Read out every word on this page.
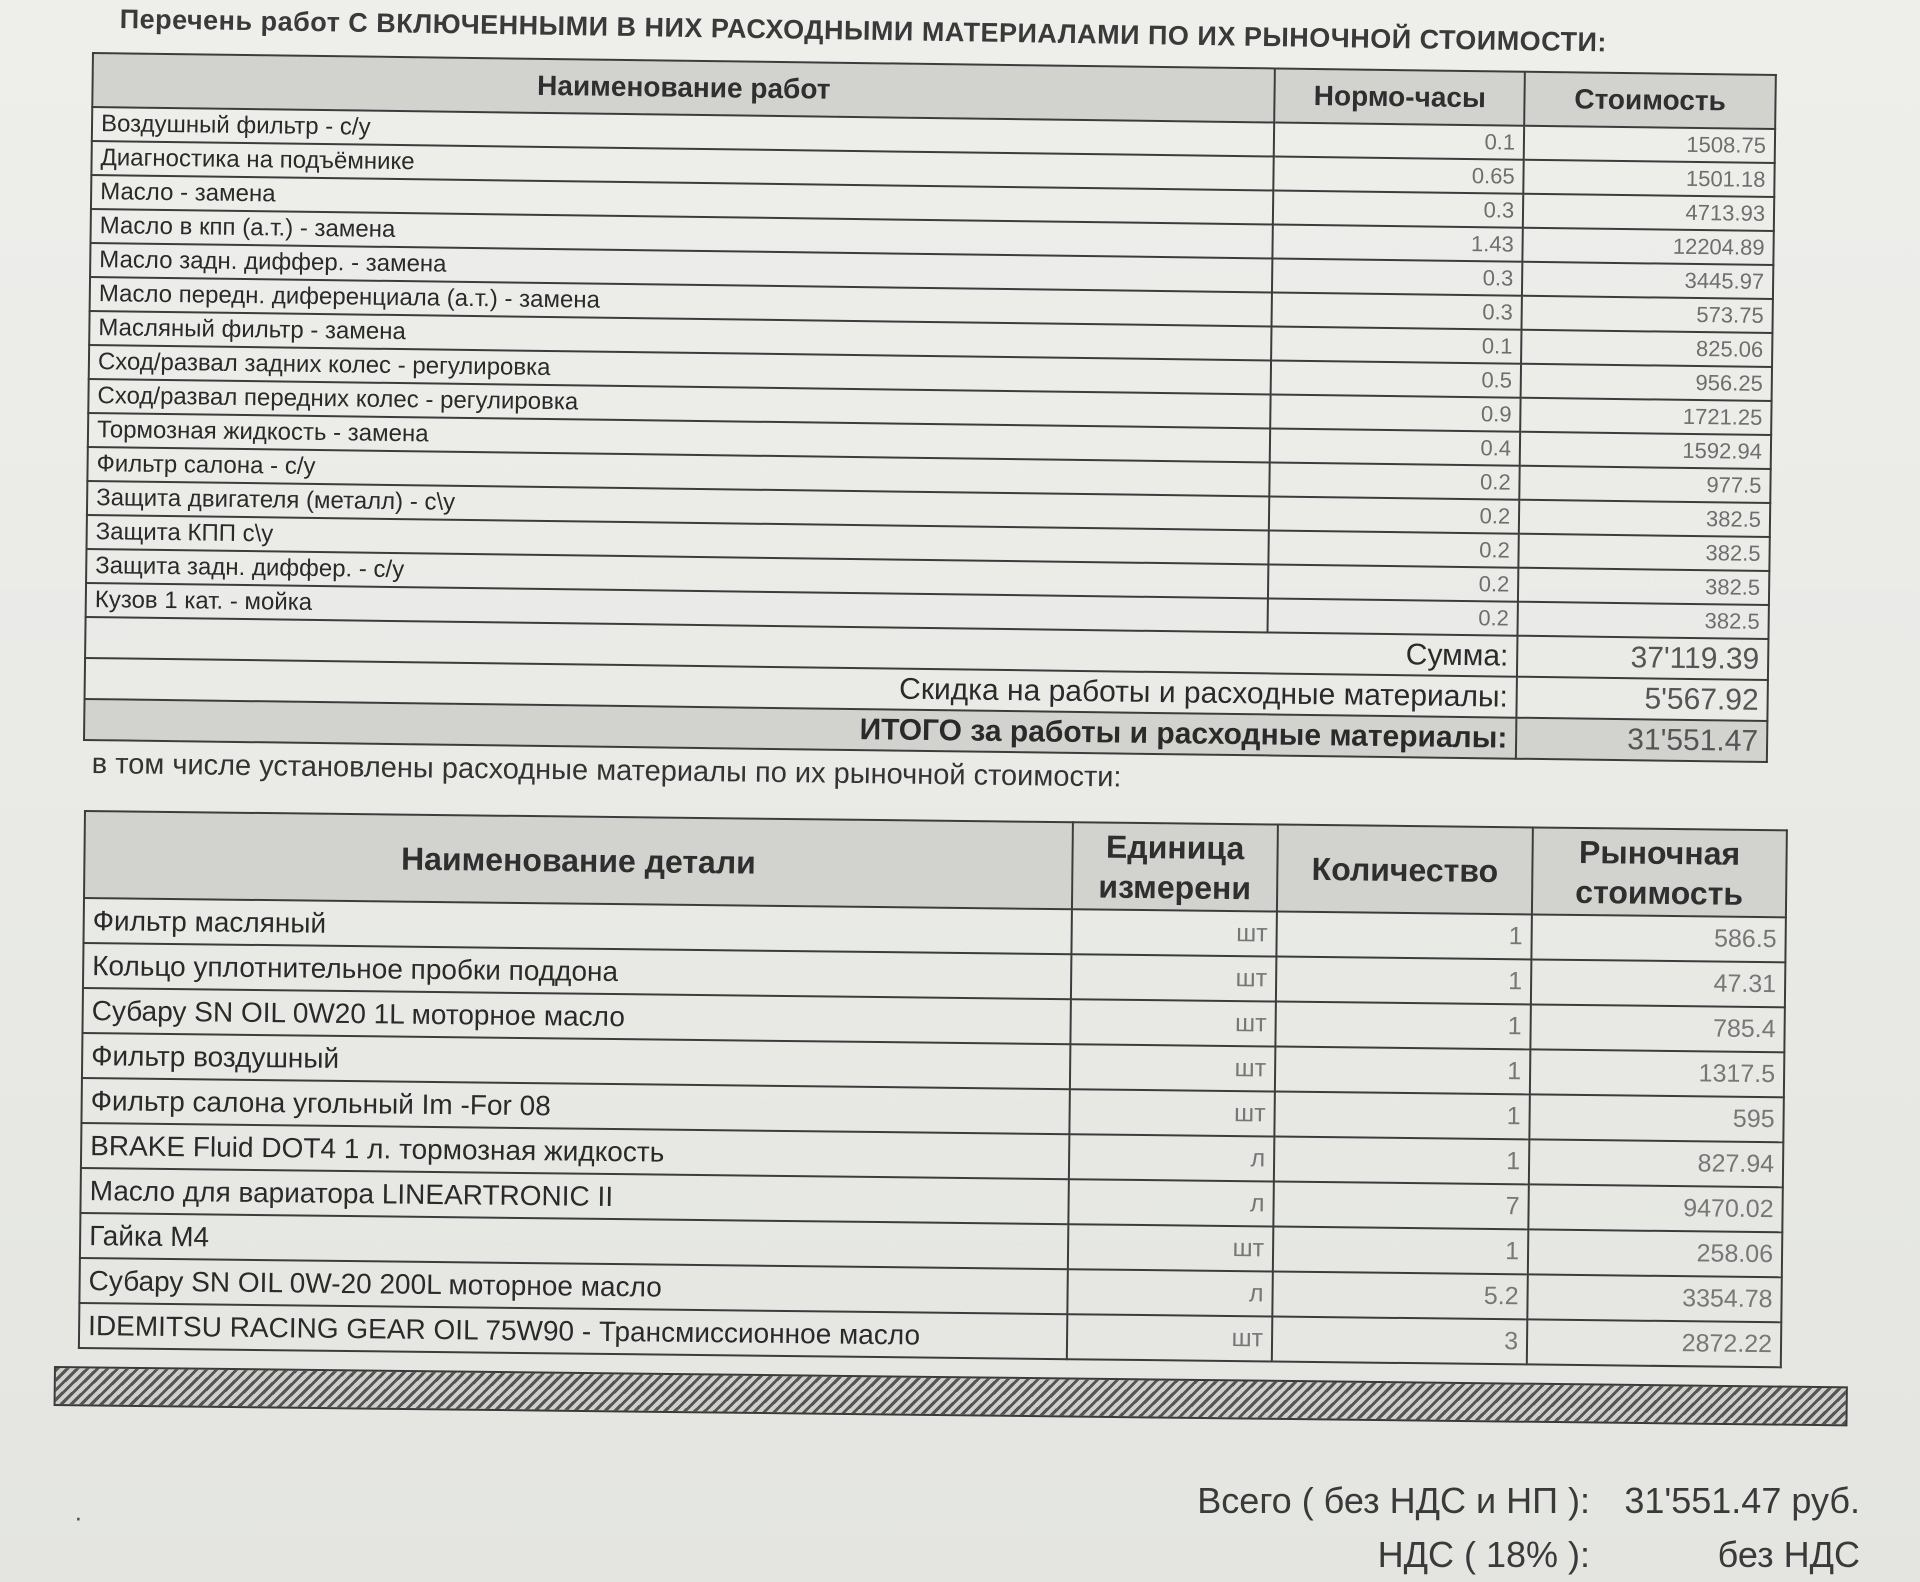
Перечень работ С ВКЛЮЧЕННЫМИ В НИХ РАСХОДНЫМИ МАТЕРИАЛАМИ ПО ИХ РЫНОЧНОЙ СТОИМОСТИ:
Наименование работ	Нормо-часы	Стоимость
Воздушный фильтр - с/у	0.1	1508.75
Диагностика на подъёмнике	0.65	1501.18
Масло - замена	0.3	4713.93
Масло в кпп (а.т.) - замена	1.43	12204.89
Масло задн. диффер. - замена	0.3	3445.97
Масло передн. диференциала (а.т.) - замена	0.3	573.75
Масляный фильтр - замена	0.1	825.06
Сход/развал задних колес - регулировка	0.5	956.25
Сход/развал передних колес - регулировка	0.9	1721.25
Тормозная жидкость - замена	0.4	1592.94
Фильтр салона - с/у	0.2	977.5
Защита двигателя (металл) - с\у	0.2	382.5
Защита КПП с\у	0.2	382.5
Защита задн. диффер. - с/у	0.2	382.5
Кузов 1 кат. - мойка	0.2	382.5
Сумма:		37'119.39
Скидка на работы и расходные материалы:		5'567.92
ИТОГО за работы и расходные материалы:		31'551.47
в том числе установлены расходные материалы по их рыночной стоимости:
Наименование детали	Единица измерени	Количество	Рыночная стоимость
Фильтр масляный	шт	1	586.5
Кольцо уплотнительное пробки поддона	шт	1	47.31
Субару SN OIL 0W20 1L моторное масло	шт	1	785.4
Фильтр воздушный	шт	1	1317.5
Фильтр салона угольный Im -For 08	шт	1	595
BRAKE Fluid DOT4 1 л. тормозная жидкость	л	1	827.94
Масло для вариатора LINEARTRONIC II	л	7	9470.02
Гайка М4	шт	1	258.06
Субару SN OIL 0W-20 200L моторное масло	л	5.2	3354.78
IDEMITSU RACING GEAR OIL 75W90 - Трансмиссионное масло	шт	3	2872.22
·	Всего ( без НДС и НП ): 31'551.47 руб.
НДС ( 18% ):	без НДС
